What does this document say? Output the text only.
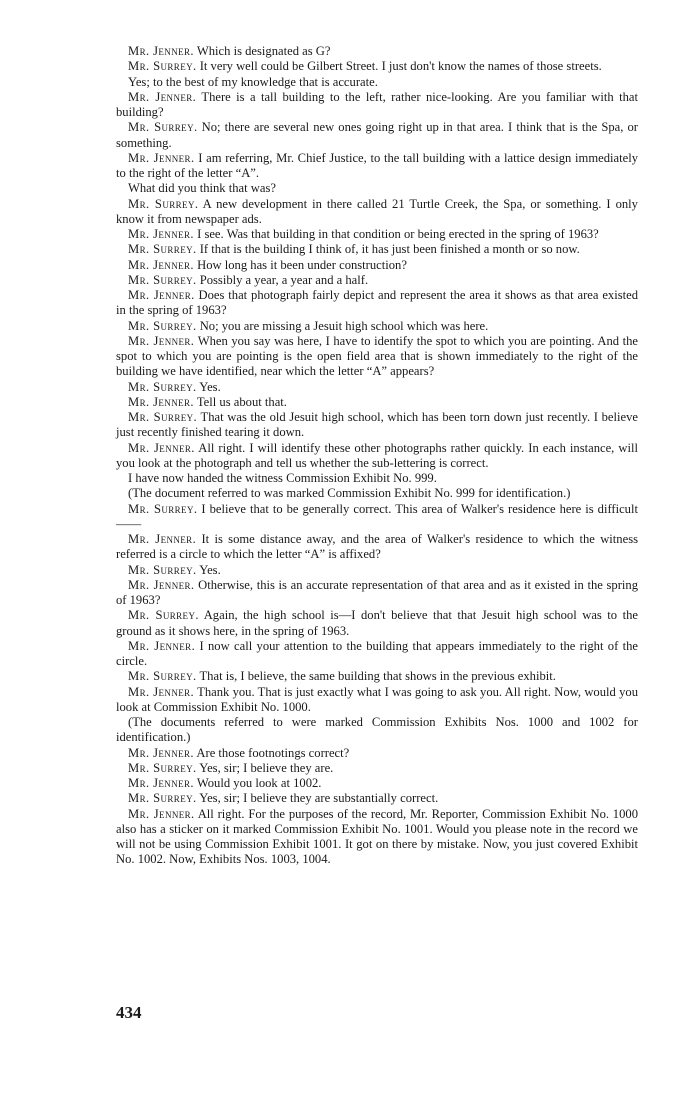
Mr. Jenner. Which is designated as G?

Mr. Surrey. It very well could be Gilbert Street. I just don't know the names of those streets.

Yes; to the best of my knowledge that is accurate.

Mr. Jenner. There is a tall building to the left, rather nice-looking. Are you familiar with that building?

Mr. Surrey. No; there are several new ones going right up in that area. I think that is the Spa, or something.

Mr. Jenner. I am referring, Mr. Chief Justice, to the tall building with a lattice design immediately to the right of the letter “A”.

What did you think that was?

Mr. Surrey. A new development in there called 21 Turtle Creek, the Spa, or something. I only know it from newspaper ads.

Mr. Jenner. I see. Was that building in that condition or being erected in the spring of 1963?

Mr. Surrey. If that is the building I think of, it has just been finished a month or so now.

Mr. Jenner. How long has it been under construction?

Mr. Surrey. Possibly a year, a year and a half.

Mr. Jenner. Does that photograph fairly depict and represent the area it shows as that area existed in the spring of 1963?

Mr. Surrey. No; you are missing a Jesuit high school which was here.

Mr. Jenner. When you say was here, I have to identify the spot to which you are pointing. And the spot to which you are pointing is the open field area that is shown immediately to the right of the building we have identified, near which the letter “A” appears?

Mr. Surrey. Yes.

Mr. Jenner. Tell us about that.

Mr. Surrey. That was the old Jesuit high school, which has been torn down just recently. I believe just recently finished tearing it down.

Mr. Jenner. All right. I will identify these other photographs rather quickly. In each instance, will you look at the photograph and tell us whether the sub-lettering is correct.

I have now handed the witness Commission Exhibit No. 999.

(The document referred to was marked Commission Exhibit No. 999 for identification.)

Mr. Surrey. I believe that to be generally correct. This area of Walker's residence here is difficult——

Mr. Jenner. It is some distance away, and the area of Walker's residence to which the witness referred is a circle to which the letter “A” is affixed?

Mr. Surrey. Yes.

Mr. Jenner. Otherwise, this is an accurate representation of that area and as it existed in the spring of 1963?

Mr. Surrey. Again, the high school is—I don't believe that that Jesuit high school was to the ground as it shows here, in the spring of 1963.

Mr. Jenner. I now call your attention to the building that appears immediately to the right of the circle.

Mr. Surrey. That is, I believe, the same building that shows in the previous exhibit.

Mr. Jenner. Thank you. That is just exactly what I was going to ask you. All right. Now, would you look at Commission Exhibit No. 1000.

(The documents referred to were marked Commission Exhibits Nos. 1000 and 1002 for identification.)

Mr. Jenner. Are those footnotings correct?

Mr. Surrey. Yes, sir; I believe they are.

Mr. Jenner. Would you look at 1002.

Mr. Surrey. Yes, sir; I believe they are substantially correct.

Mr. Jenner. All right. For the purposes of the record, Mr. Reporter, Commission Exhibit No. 1000 also has a sticker on it marked Commission Exhibit No. 1001. Would you please note in the record we will not be using Commission Exhibit 1001. It got on there by mistake. Now, you just covered Exhibit No. 1002. Now, Exhibits Nos. 1003, 1004.

434
